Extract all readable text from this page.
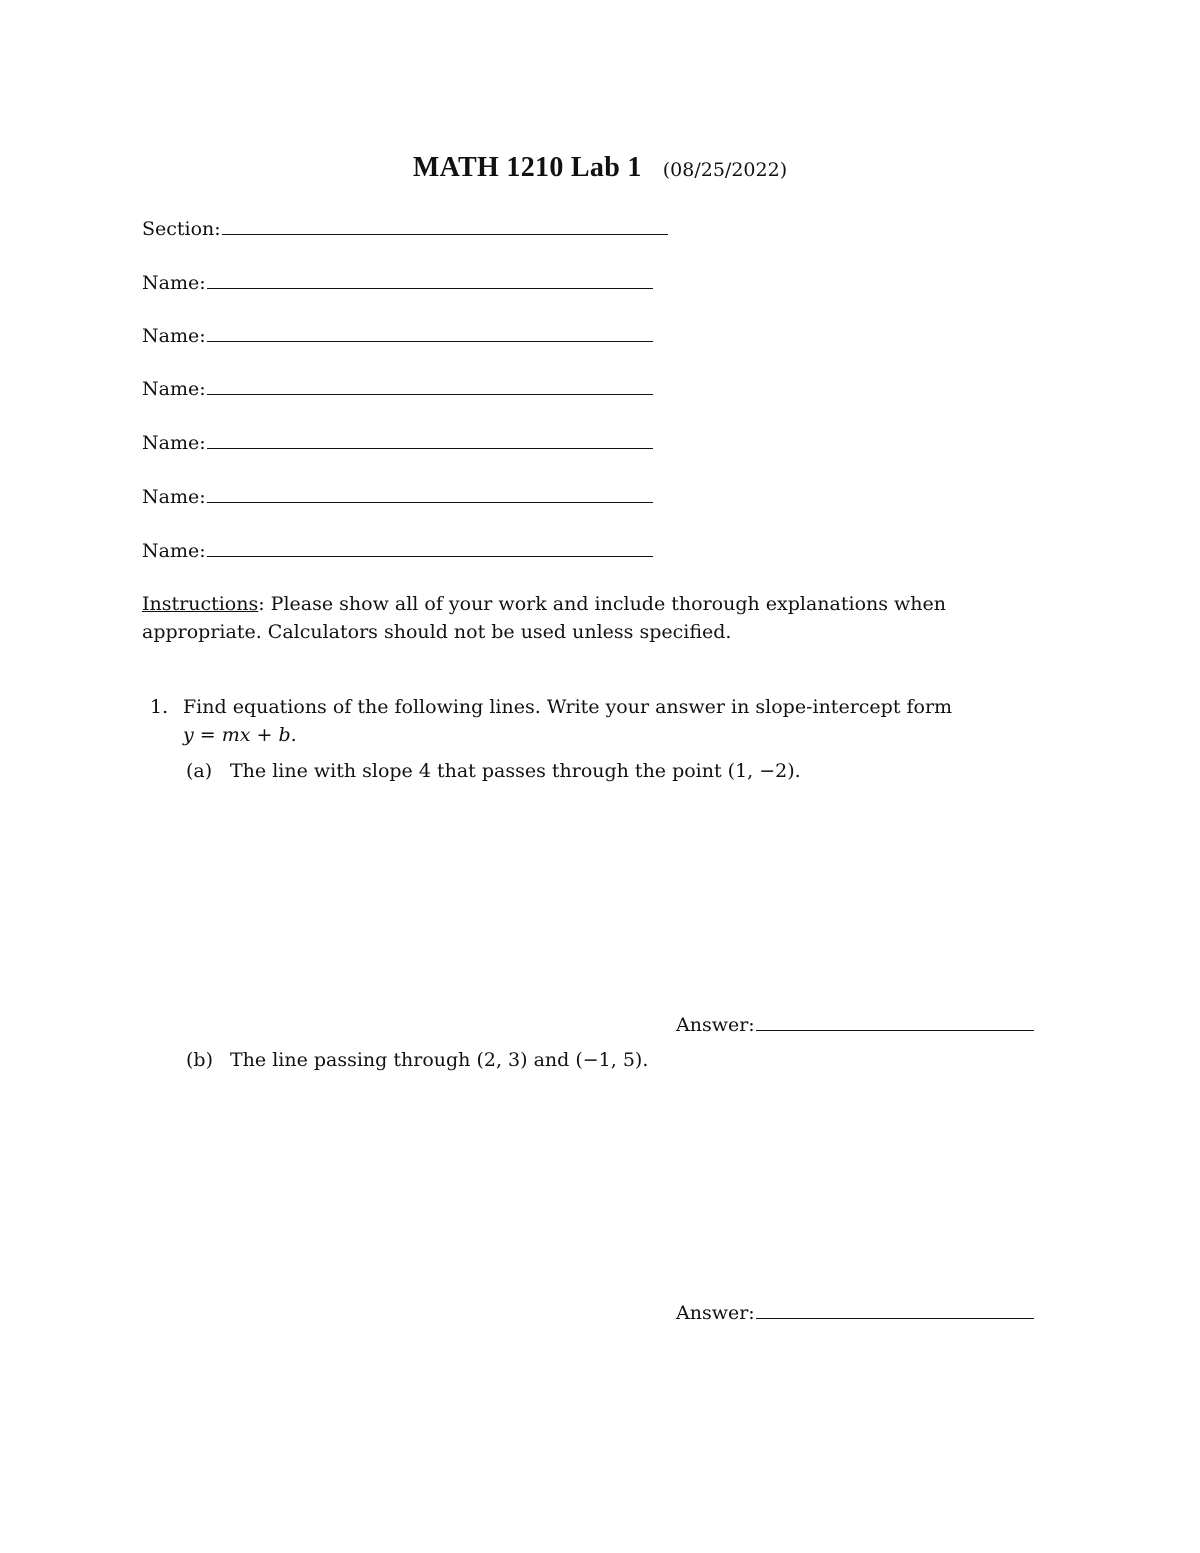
MATH 1210 Lab 1 (08/25/2022)
Section:
Name:
Name:
Name:
Name:
Name:
Name:
Instructions: Please show all of your work and include thorough explanations when appropriate. Calculators should not be used unless specified.
1. Find equations of the following lines. Write your answer in slope-intercept form
y = mx + b.
(a) The line with slope 4 that passes through the point (1, −2).
Answer:
(b) The line passing through (2, 3) and (−1, 5).
Answer:
